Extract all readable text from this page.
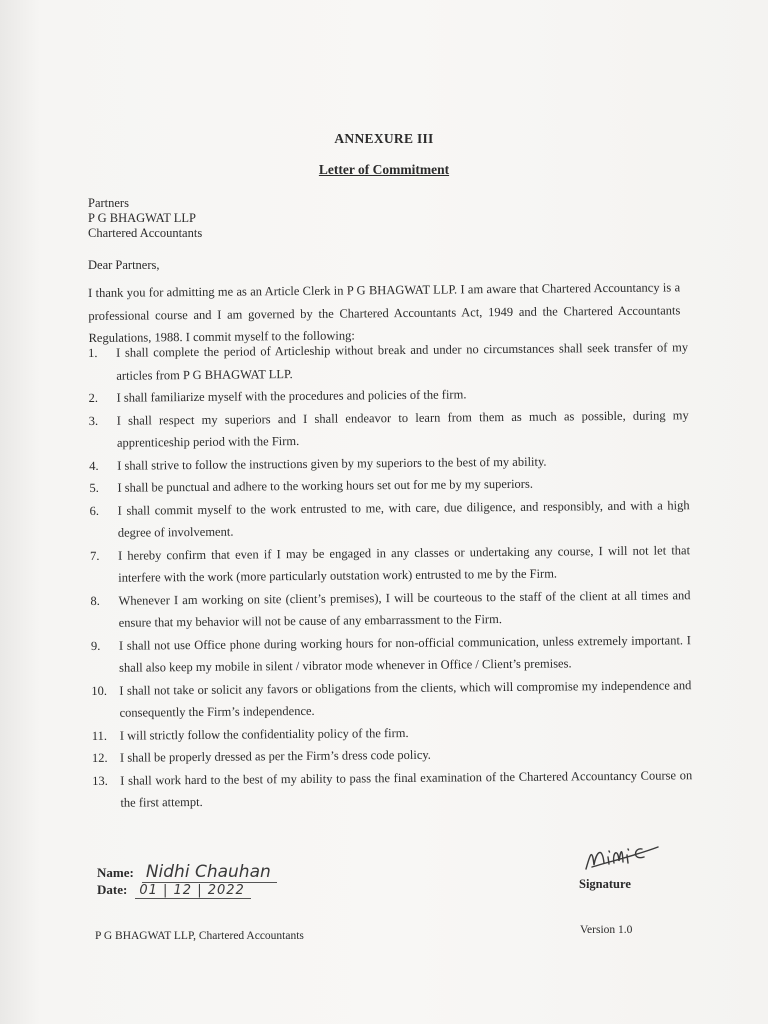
ANNEXURE III
Letter of Commitment
Partners
P G BHAGWAT LLP
Chartered Accountants
Dear Partners,
I thank you for admitting me as an Article Clerk in P G BHAGWAT LLP. I am aware that Chartered Accountancy is a professional course and I am governed by the Chartered Accountants Act, 1949 and the Chartered Accountants Regulations, 1988. I commit myself to the following:
1. I shall complete the period of Articleship without break and under no circumstances shall seek transfer of my articles from P G BHAGWAT LLP.
2. I shall familiarize myself with the procedures and policies of the firm.
3. I shall respect my superiors and I shall endeavor to learn from them as much as possible, during my apprenticeship period with the Firm.
4. I shall strive to follow the instructions given by my superiors to the best of my ability.
5. I shall be punctual and adhere to the working hours set out for me by my superiors.
6. I shall commit myself to the work entrusted to me, with care, due diligence, and responsibly, and with a high degree of involvement.
7. I hereby confirm that even if I may be engaged in any classes or undertaking any course, I will not let that interfere with the work (more particularly outstation work) entrusted to me by the Firm.
8. Whenever I am working on site (client’s premises), I will be courteous to the staff of the client at all times and ensure that my behavior will not be cause of any embarrassment to the Firm.
9. I shall not use Office phone during working hours for non-official communication, unless extremely important. I shall also keep my mobile in silent / vibrator mode whenever in Office / Client’s premises.
10. I shall not take or solicit any favors or obligations from the clients, which will compromise my independence and consequently the Firm’s independence.
11. I will strictly follow the confidentiality policy of the firm.
12. I shall be properly dressed as per the Firm’s dress code policy.
13. I shall work hard to the best of my ability to pass the final examination of the Chartered Accountancy Course on the first attempt.
Name: Nidhi Chauhan
Date: 01 | 12 | 2022	Signature
P G BHAGWAT LLP, Chartered Accountants	Version 1.0
